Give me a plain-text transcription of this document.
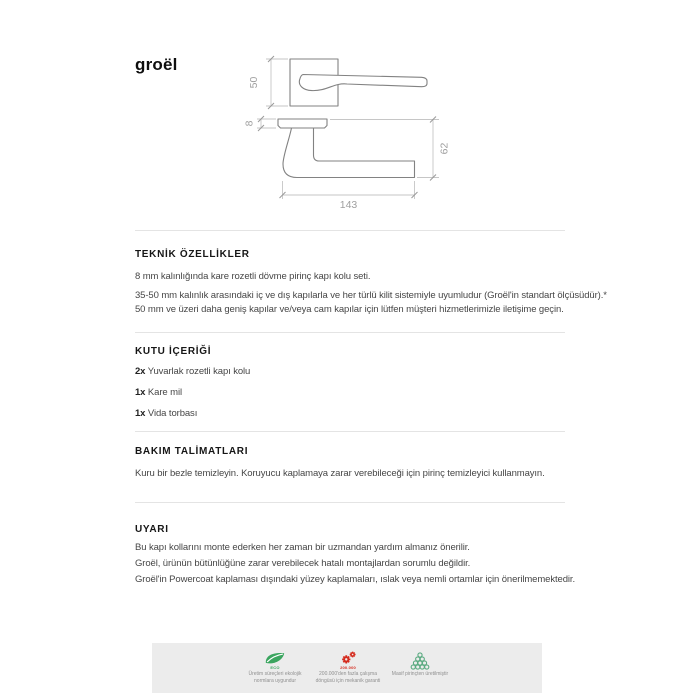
groël
50
8
62
143
TEKNİK ÖZELLİKLER
8 mm kalınlığında kare rozetli dövme pirinç kapı kolu seti.
35-50 mm kalınlık arasındaki iç ve dış kapılarla ve her türlü kilit sistemiyle uyumludur (Groël'in standart ölçüsüdür).*
50 mm ve üzeri daha geniş kapılar ve/veya cam kapılar için lütfen müşteri hizmetlerimizle iletişime geçin.
KUTU İÇERİĞİ
2x Yuvarlak rozetli kapı kolu
1x Kare mil
1x Vida torbası
BAKIM TALİMATLARI
Kuru bir bezle temizleyin. Koruyucu kaplamaya zarar verebileceği için pirinç temizleyici kullanmayın.
UYARI
Bu kapı kollarını monte ederken her zaman bir uzmandan yardım almanız önerilir.
Groël, ürünün bütünlüğüne zarar verebilecek hatalı montajlardan sorumlu değildir.
Groël'in Powercoat kaplaması dışındaki yüzey kaplamaları, ıslak veya nemli ortamlar için önerilmemektedir.
ECO
Üretim süreçleri ekolojik
normlara uygundur
200.000
200.000'den fazla çalışma
döngüsü için mekanik garanti
Masif pirinçten üretilmiştir
